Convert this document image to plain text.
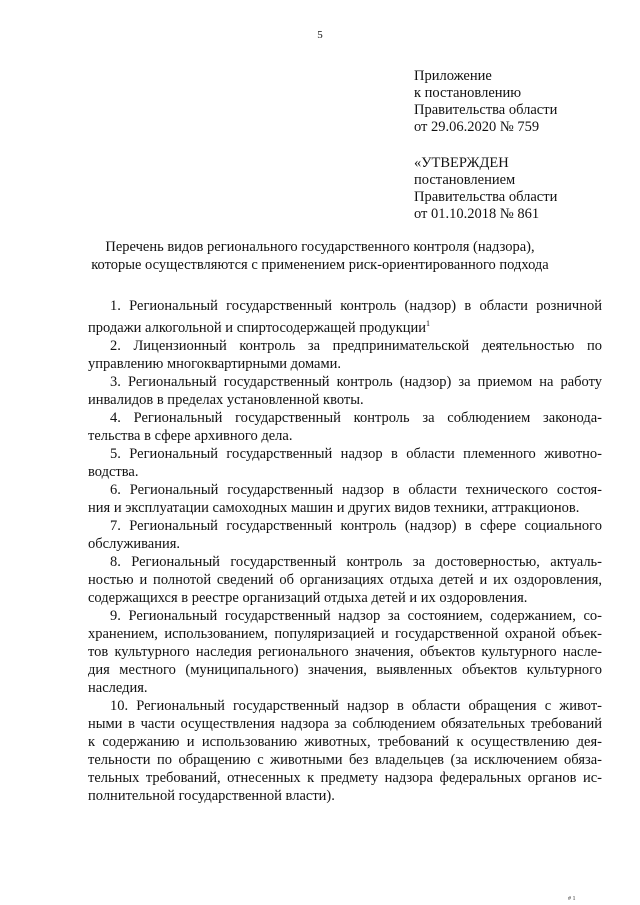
5
Приложение
к постановлению
Правительства области
от 29.06.2020 № 759
«УТВЕРЖДЕН
постановлением
Правительства области
от 01.10.2018 № 861
Перечень видов регионального государственного контроля (надзора),
которые осуществляются с применением риск-ориентированного подхода
1. Региональный государственный контроль (надзор) в области розничной
продажи алкогольной и спиртосодержащей продукции$^1$
2. Лицензионный контроль за предпринимательской деятельностью по
управлению многоквартирными домами.
3. Региональный государственный контроль (надзор) за приемом на работу
инвалидов в пределах установленной квоты.
4. Региональный государственный контроль за соблюдением законода-
тельства в сфере архивного дела.
5. Региональный государственный надзор в области племенного животно-
водства.
6. Региональный государственный надзор в области технического состоя-
ния и эксплуатации самоходных машин и других видов техники, аттракционов.
7. Региональный государственный контроль (надзор) в сфере социального
обслуживания.
8. Региональный государственный контроль за достоверностью, актуаль-
ностью и полнотой сведений об организациях отдыха детей и их оздоровления,
содержащихся в реестре организаций отдыха детей и их оздоровления.
9. Региональный государственный надзор за состоянием, содержанием, со-
хранением, использованием, популяризацией и государственной охраной объек-
тов культурного наследия регионального значения, объектов культурного насле-
дия местного (муниципального) значения, выявленных объектов культурного
наследия.
10. Региональный государственный надзор в области обращения с живот-
ными в части осуществления надзора за соблюдением обязательных требований
к содержанию и использованию животных, требований к осуществлению дея-
тельности по обращению с животными без владельцев (за исключением обяза-
тельных требований, отнесенных к предмету надзора федеральных органов ис-
полнительной государственной власти).
# 1
